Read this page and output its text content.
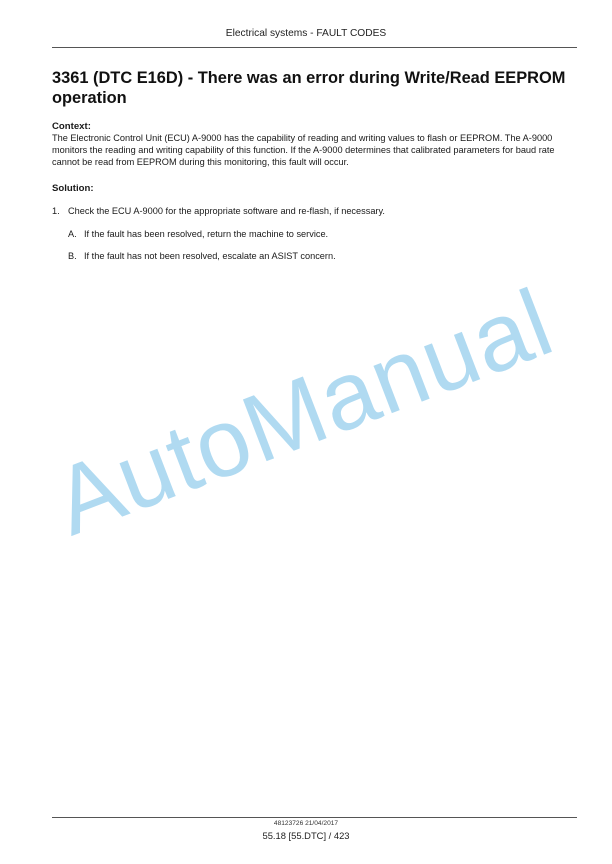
Electrical systems - FAULT CODES
3361 (DTC E16D) - There was an error during Write/Read EEPROM operation

Context:

The Electronic Control Unit (ECU) A-9000 has the capability of reading and writing values to flash or EEPROM. The A-9000 monitors the reading and writing capability of this function. If the A-9000 determines that calibrated parameters for baud rate cannot be read from EEPROM during this monitoring, this fault will occur.

Solution:

1. Check the ECU A-9000 for the appropriate software and re-flash, if necessary.
A. If the fault has been resolved, return the machine to service.
B. If the fault has not been resolved, escalate an ASIST concern.
AutoManual
48123726 21/04/2017
55.18 [55.DTC] / 423
